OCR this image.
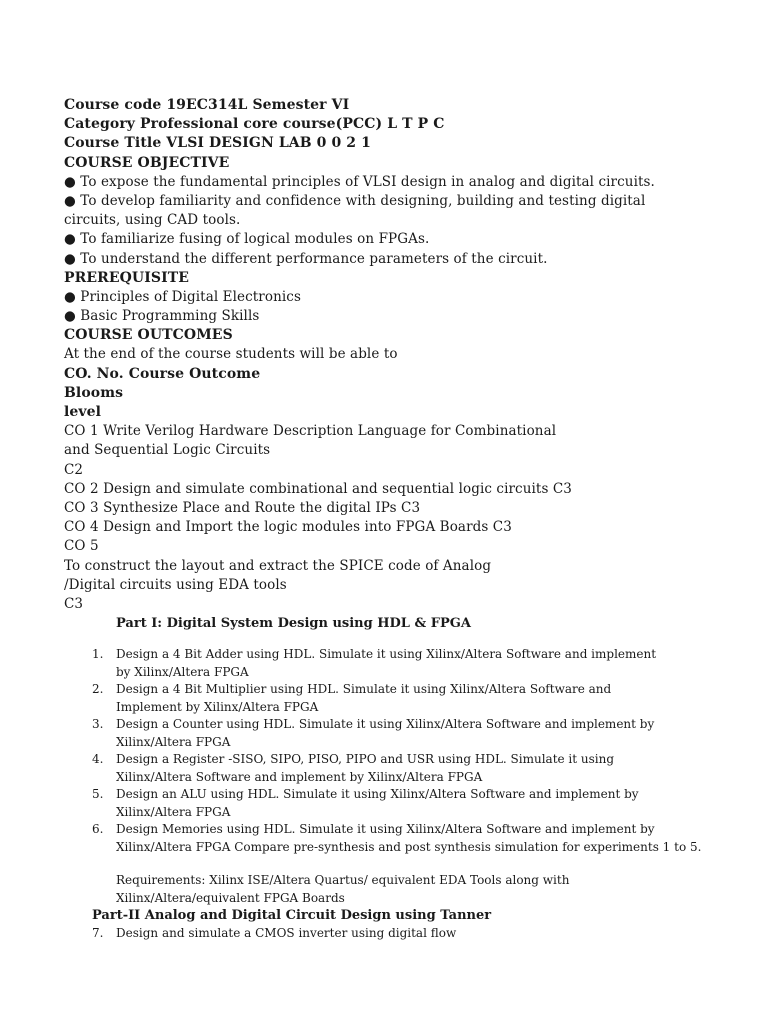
Course code 19EC314L Semester VI
Category Professional core course(PCC) L T P C
Course Title VLSI DESIGN LAB 0 0 2 1
COURSE OBJECTIVE
● To expose the fundamental principles of VLSI design in analog and digital circuits.
● To develop familiarity and confidence with designing, building and testing digital
circuits, using CAD tools.
● To familiarize fusing of logical modules on FPGAs.
● To understand the different performance parameters of the circuit.
PREREQUISITE
● Principles of Digital Electronics
● Basic Programming Skills
COURSE OUTCOMES
At the end of the course students will be able to
CO. No. Course Outcome
Blooms
level
CO 1 Write Verilog Hardware Description Language for Combinational
and Sequential Logic Circuits
C2
CO 2 Design and simulate combinational and sequential logic circuits C3
CO 3 Synthesize Place and Route the digital IPs C3
CO 4 Design and Import the logic modules into FPGA Boards C3
CO 5
To construct the layout and extract the SPICE code of Analog
/Digital circuits using EDA tools
C3
Part I: Digital System Design using HDL & FPGA
1. Design a 4 Bit Adder using HDL. Simulate it using Xilinx/Altera Software and implement
by Xilinx/Altera FPGA
2. Design a 4 Bit Multiplier using HDL. Simulate it using Xilinx/Altera Software and
Implement by Xilinx/Altera FPGA
3. Design a Counter using HDL. Simulate it using Xilinx/Altera Software and implement by
Xilinx/Altera FPGA
4. Design a Register -SISO, SIPO, PISO, PIPO and USR using HDL. Simulate it using
Xilinx/Altera Software and implement by Xilinx/Altera FPGA
5. Design an ALU using HDL. Simulate it using Xilinx/Altera Software and implement by
Xilinx/Altera FPGA
6. Design Memories using HDL. Simulate it using Xilinx/Altera Software and implement by
Xilinx/Altera FPGA Compare pre-synthesis and post synthesis simulation for experiments 1 to 5.
Requirements: Xilinx ISE/Altera Quartus/ equivalent EDA Tools along with
Xilinx/Altera/equivalent FPGA Boards
Part-II Analog and Digital Circuit Design using Tanner
7. Design and simulate a CMOS inverter using digital flow
